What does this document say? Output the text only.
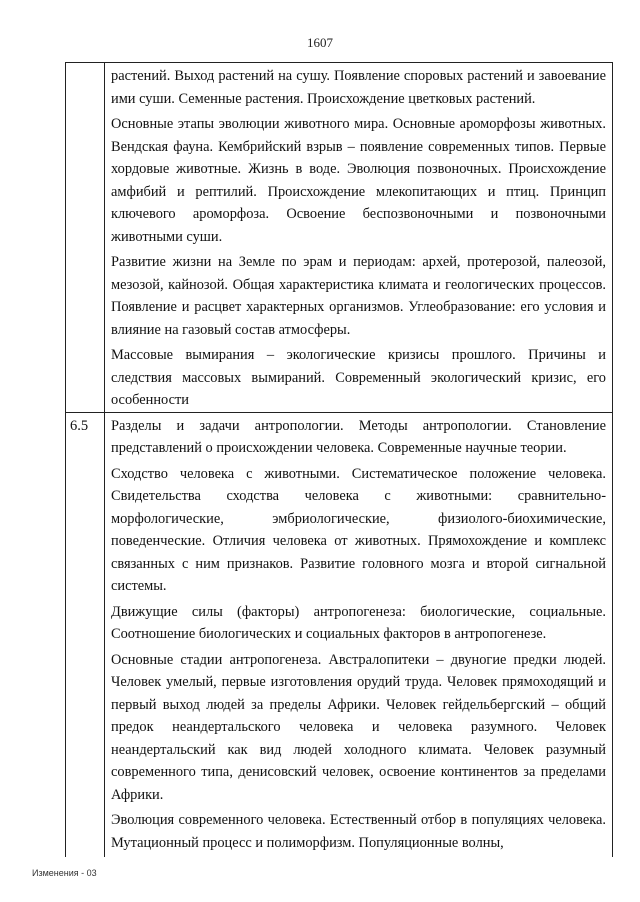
1607

	растений. Выход растений на сушу. Появление споровых растений и завоевание ими суши. Семенные растения. Происхождение цветковых растений.

Основные этапы эволюции животного мира. Основные ароморфозы животных. Вендская фауна. Кембрийский взрыв – появление современных типов. Первые хордовые животные. Жизнь в воде. Эволюция позвоночных. Происхождение амфибий и рептилий. Происхождение млекопитающих и птиц. Принцип ключевого ароморфоза. Освоение беспозвоночными и позвоночными животными суши.

Развитие жизни на Земле по эрам и периодам: архей, протерозой, палеозой, мезозой, кайнозой. Общая характеристика климата и геологических процессов. Появление и расцвет характерных организмов. Углеобразование: его условия и влияние на газовый состав атмосферы.

Массовые вымирания – экологические кризисы прошлого. Причины и следствия массовых вымираний. Современный экологический кризис, его особенности

6.5	Разделы и задачи антропологии. Методы антропологии. Становление представлений о происхождении человека. Современные научные теории.

Сходство человека с животными. Систематическое положение человека. Свидетельства сходства человека с животными: сравнительно-морфологические, эмбриологические, физиолого-биохимические, поведенческие. Отличия человека от животных. Прямохождение и комплекс связанных с ним признаков. Развитие головного мозга и второй сигнальной системы.

Движущие силы (факторы) антропогенеза: биологические, социальные. Соотношение биологических и социальных факторов в антропогенезе.

Основные стадии антропогенеза. Австралопитеки – двуногие предки людей. Человек умелый, первые изготовления орудий труда. Человек прямоходящий и первый выход людей за пределы Африки. Человек гейдельбергский – общий предок неандертальского человека и человека разумного. Человек неандертальский как вид людей холодного климата. Человек разумный современного типа, денисовский человек, освоение континентов за пределами Африки.

Эволюция современного человека. Естественный отбор в популяциях человека. Мутационный процесс и полиморфизм. Популяционные волны,

Изменения - 03
